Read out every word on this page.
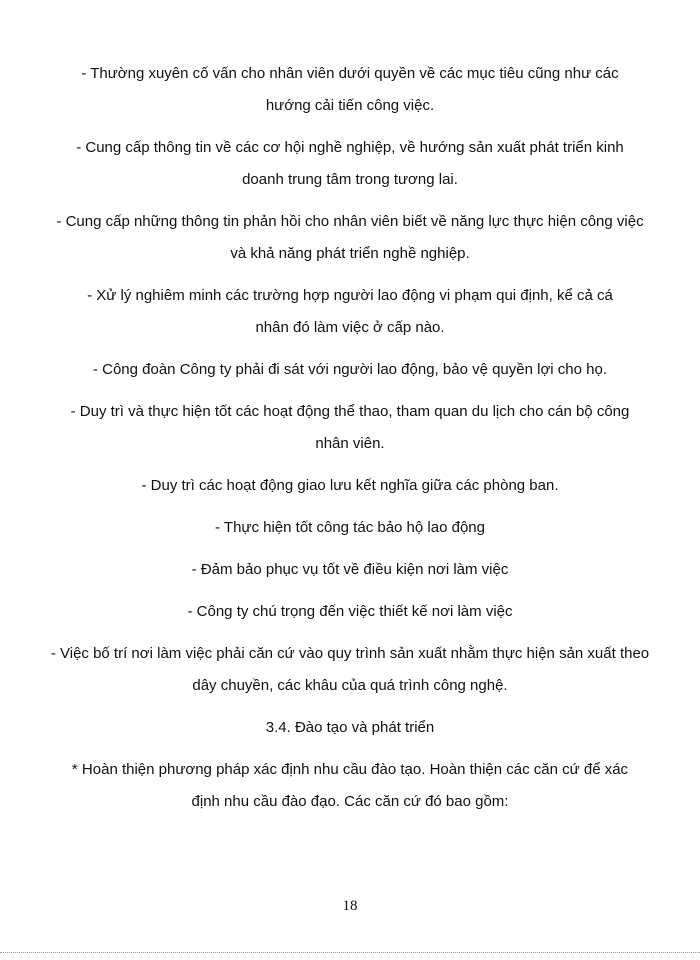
- Thường xuyên cố vấn cho nhân viên dưới quyền về các mục tiêu cũng như các hướng cải tiến công việc.

- Cung cấp thông tin về các cơ hội nghề nghiệp, về hướng sản xuất phát triển kinh doanh trung tâm trong tương lai.

- Cung cấp những thông tin phản hồi cho nhân viên biết về năng lực thực hiện công việc và khả năng phát triển nghề nghiệp.

- Xử lý nghiêm minh các trường hợp người lao động vi phạm qui định, kể cả cá nhân đó làm việc ở cấp nào.

- Công đoàn Công ty phải đi sát với người lao động, bảo vệ quyền lợi cho họ.

- Duy trì và thực hiện tốt các hoạt động thể thao, tham quan du lịch cho cán bộ công nhân viên.

- Duy trì các hoạt động giao lưu kết nghĩa giữa các phòng ban.

- Thực hiện tốt công tác bảo hộ lao động

- Đảm bảo phục vụ tốt về điều kiện nơi làm việc

- Công ty chú trọng đến việc thiết kế nơi làm việc

- Việc bố trí nơi làm việc phải căn cứ vào quy trình sản xuất nhằm thực hiện sản xuất theo dây chuyền, các khâu của quá trình công nghệ.

3.4. Đào tạo và phát triển

* Hoàn thiện phương pháp xác định nhu cầu đào tạo. Hoàn thiện các căn cứ để xác định nhu cầu đào đạo. Các căn cứ đó bao gồm:

18
